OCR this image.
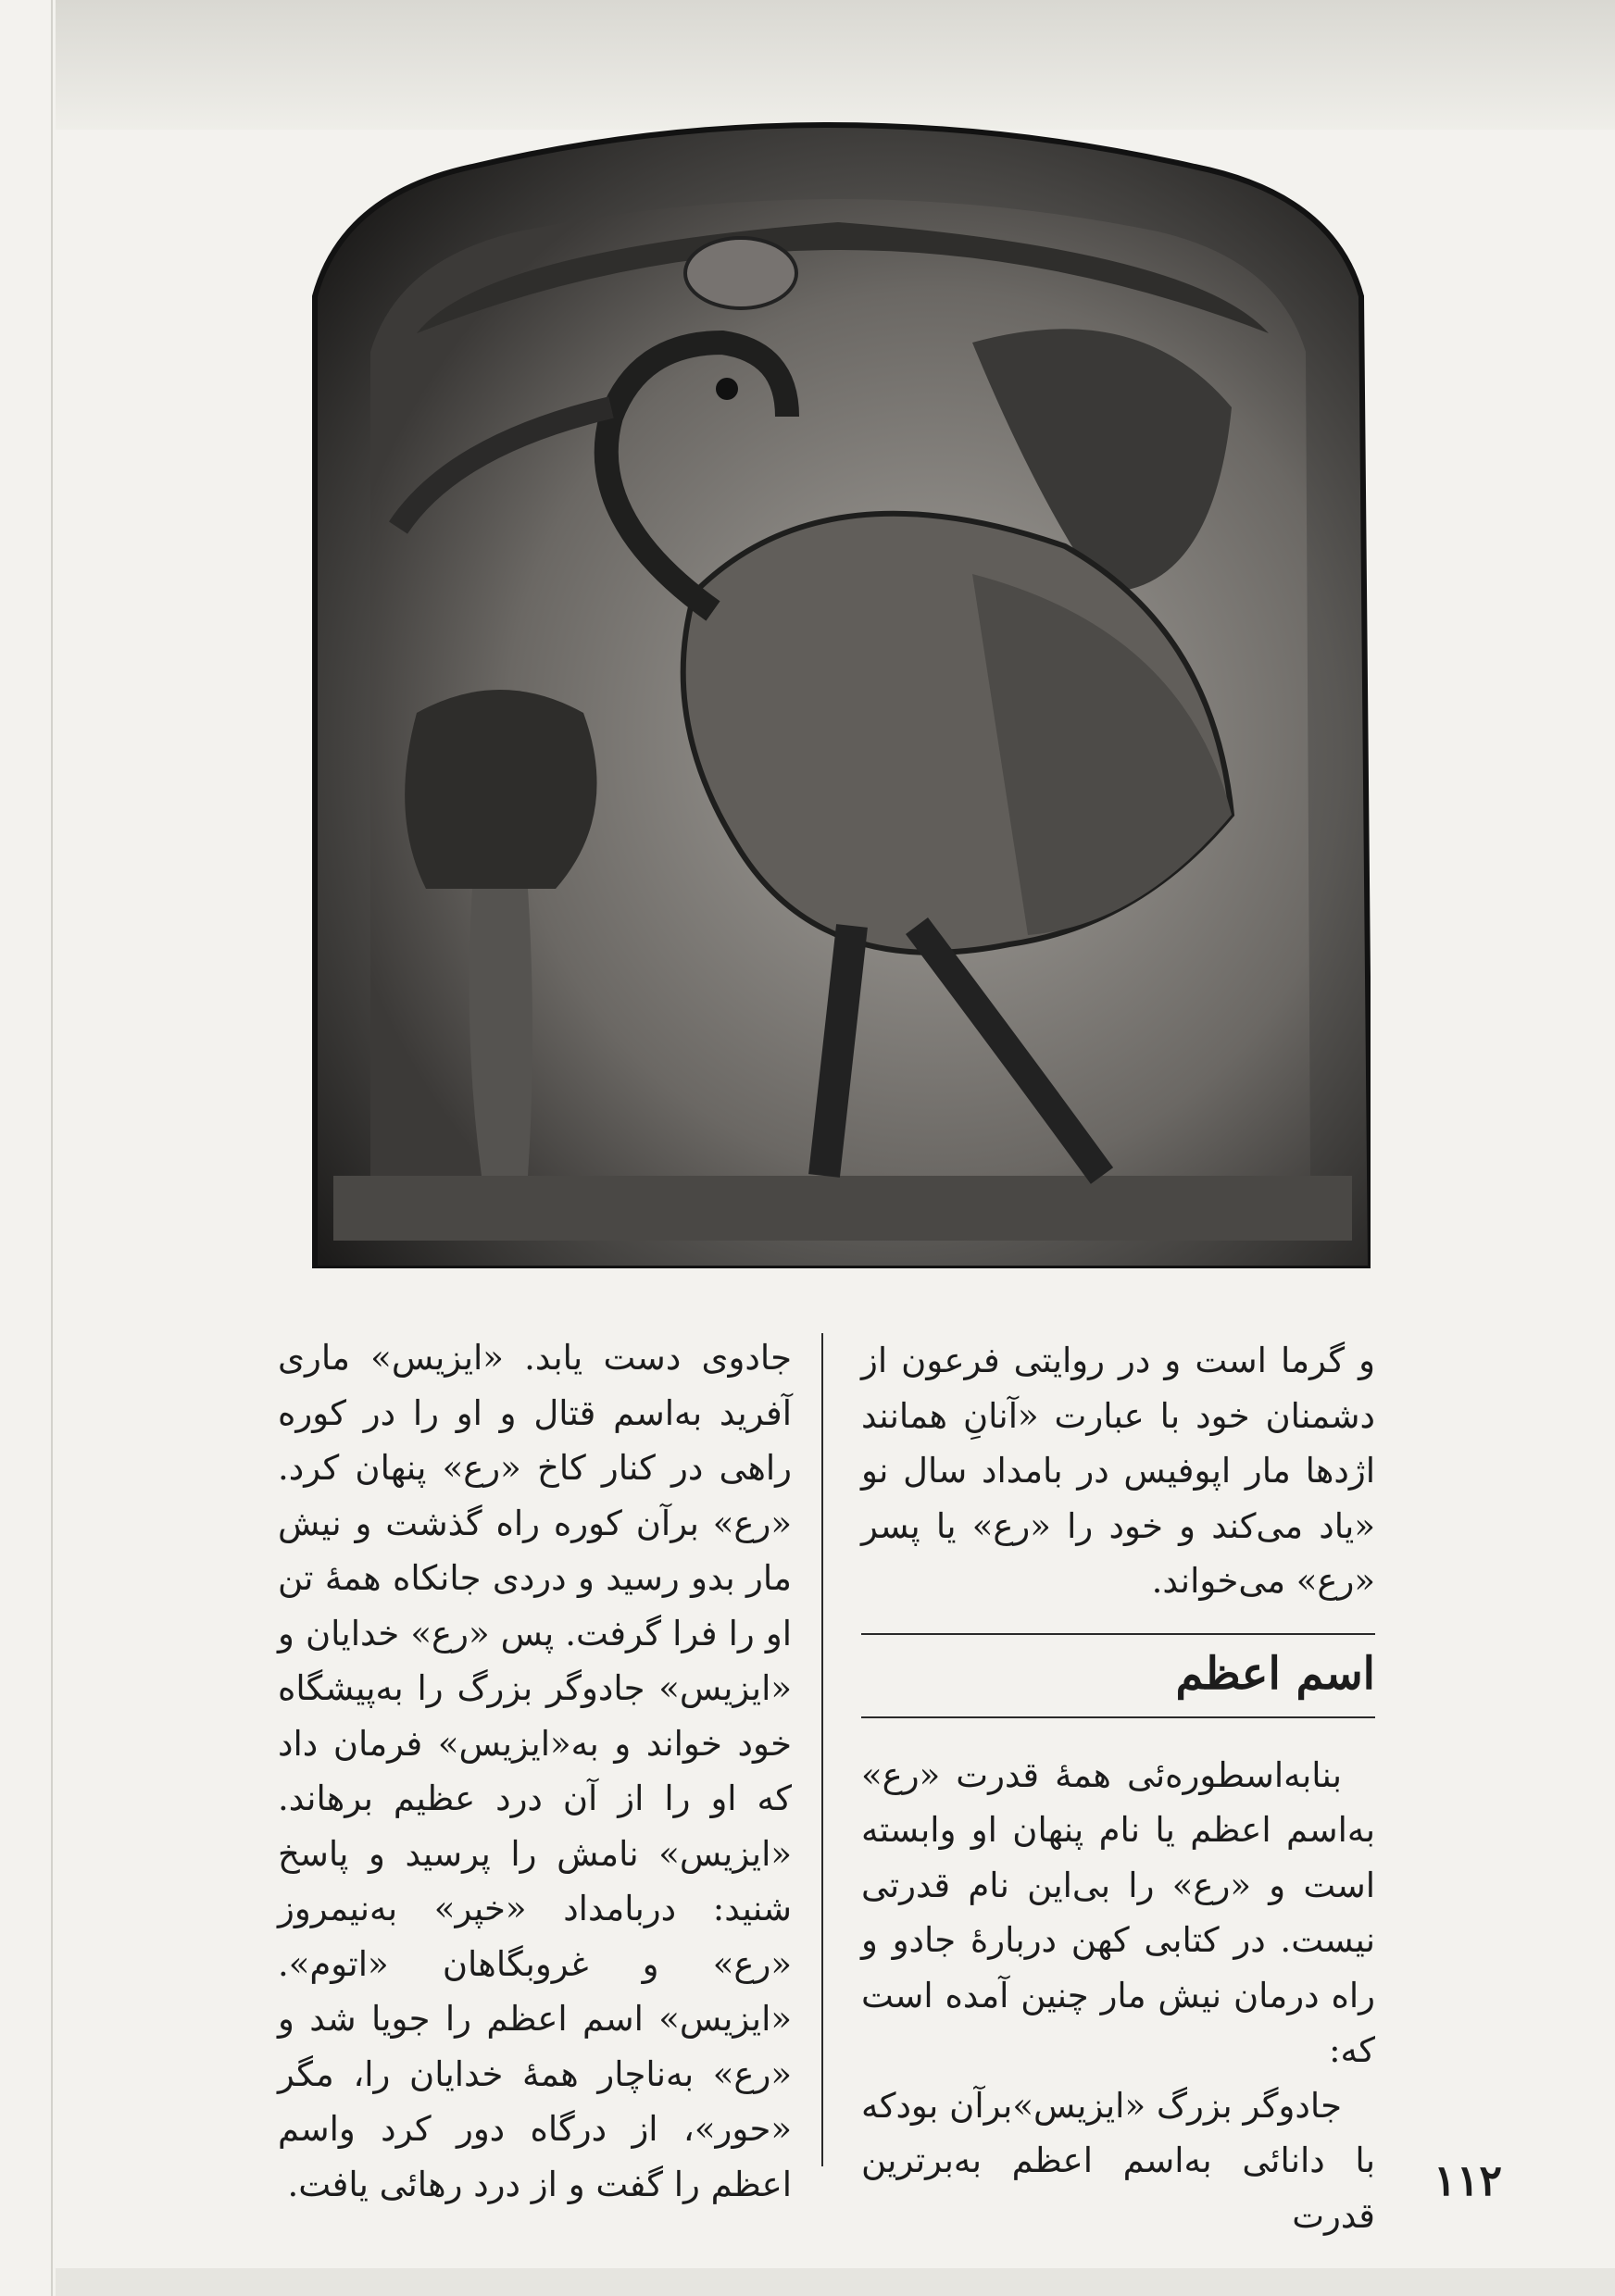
و گرما است و در روایتی فرعون از دشمنان خود با عبارت «آنانِ همانند اژدها مار اپوفیس در بامداد سال نو «یاد می‌کند و خود را «رع» یا پسر «رع» می‌خواند.

اسم اعظم

بنابه‌اسطوره‌ئی همهٔ قدرت «رع» به‌اسم اعظم یا نام پنهان او وابسته است و «رع» را بی‌این نام قدرتی نیست. در کتابی کهن دربارهٔ جادو و راه درمان نیش مار چنین آمده است که:

جادوگر بزرگ «ایزیس»برآن بودکه با دانائی به‌اسم اعظم به‌برترین قدرت

جادوی دست یابد. «ایزیس» ماری آفرید به‌اسم قتال و او را در کوره راهی در کنار کاخ «رع» پنهان کرد. «رع» برآن کوره راه گذشت و نیش مار بدو رسید و دردی جانکاه همهٔ تن او را فرا گرفت. پس «رع» خدایان و «ایزیس» جادوگر بزرگ را به‌پیشگاه خود خواند و به«ایزیس» فرمان داد که او را از آن درد عظیم برهاند. «ایزیس» نامش را پرسید و پاسخ شنید: دربامداد «خپر» به‌نیمروز «رع» و غروبگاهان «اتوم». «ایزیس» اسم اعظم را جویا شد و «رع» به‌ناچار همهٔ خدایان را، مگر «حور»، از درگاه دور کرد واسم اعظم را گفت و از درد رهائی یافت.	۱۱۲
